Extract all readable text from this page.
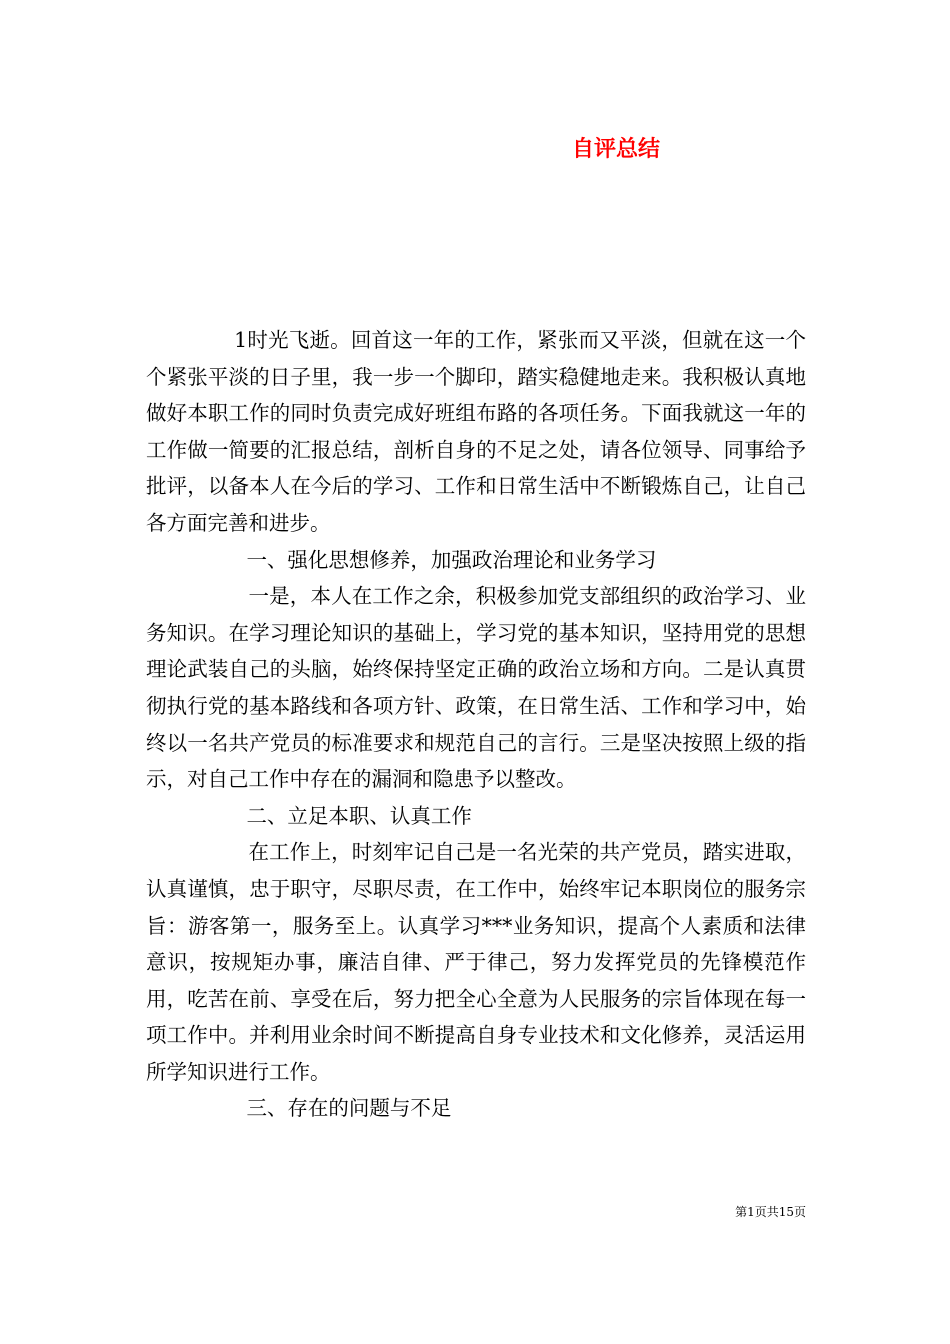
自评总结

1时光飞逝。回首这一年的工作，紧张而又平淡，但就在这一个个紧张平淡的日子里，我一步一个脚印，踏实稳健地走来。我积极认真地做好本职工作的同时负责完成好班组布路的各项任务。下面我就这一年的工作做一简要的汇报总结，剖析自身的不足之处，请各位领导、同事给予批评，以备本人在今后的学习、工作和日常生活中不断锻炼自己，让自己各方面完善和进步。

一、强化思想修养，加强政治理论和业务学习

一是，本人在工作之余，积极参加党支部组织的政治学习、业务知识。在学习理论知识的基础上，学习党的基本知识，坚持用党的思想理论武装自己的头脑，始终保持坚定正确的政治立场和方向。二是认真贯彻执行党的基本路线和各项方针、政策，在日常生活、工作和学习中，始终以一名共产党员的标准要求和规范自己的言行。三是坚决按照上级的指示，对自己工作中存在的漏洞和隐患予以整改。

二、立足本职、认真工作

在工作上，时刻牢记自己是一名光荣的共产党员，踏实进取，认真谨慎，忠于职守，尽职尽责，在工作中，始终牢记本职岗位的服务宗旨：游客第一，服务至上。认真学习***业务知识，提高个人素质和法律意识，按规矩办事，廉洁自律、严于律己，努力发挥党员的先锋模范作用，吃苦在前、享受在后，努力把全心全意为人民服务的宗旨体现在每一项工作中。并利用业余时间不断提高自身专业技术和文化修养，灵活运用所学知识进行工作。

三、存在的问题与不足

第1页共15页
